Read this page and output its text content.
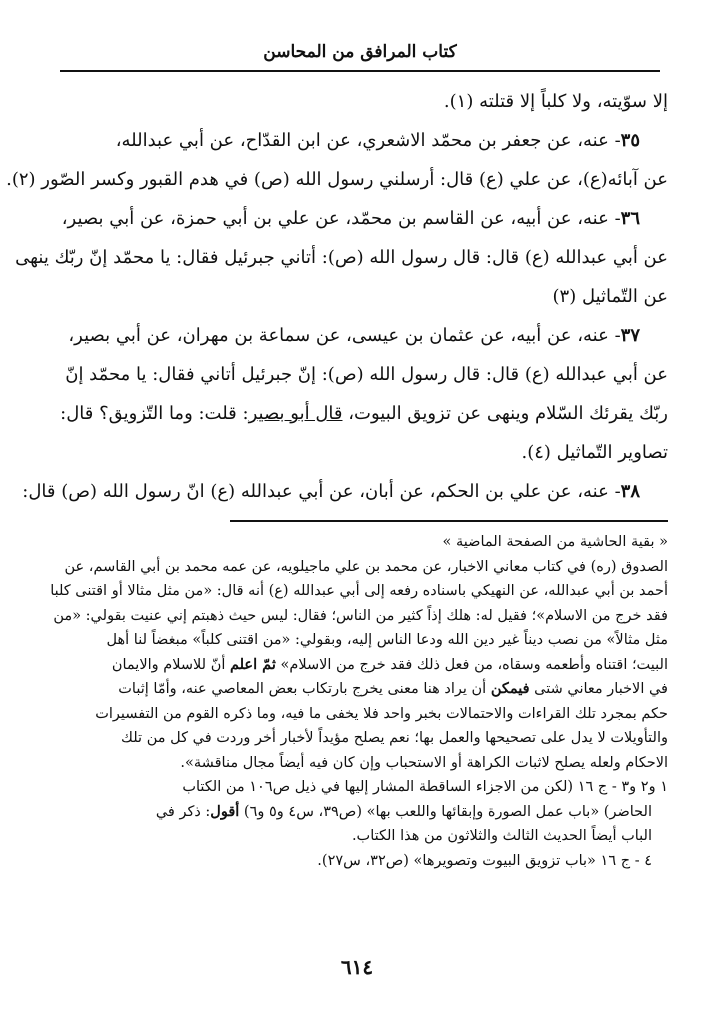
كتاب المرافق من المحاسن
إلا سوّيته، ولا كلباً إلا قتلته (١).
٣٥- عنه، عن جعفر بن محمّد الاشعري، عن ابن القدّاح، عن أبي عبدالله،
عن آبائه(ع)، عن علي (ع) قال: أرسلني رسول الله (ص) في هدم القبور وكسر الصّور (٢).
٣٦- عنه، عن أبيه، عن القاسم بن محمّد، عن علي بن أبي حمزة، عن أبي بصير،
عن أبي عبدالله (ع) قال: قال رسول الله (ص): أتاني جبرئيل فقال: يا محمّد إنّ ربّك ينهى
عن التّماثيل (٣)
٣٧- عنه، عن أبيه، عن عثمان بن عيسى، عن سماعة بن مهران، عن أبي بصير،
عن أبي عبدالله (ع) قال: قال رسول الله (ص): إنّ جبرئيل أتاني فقال: يا محمّد إنّ
ربّك يقرئك السّلام وينهى عن تزويق البيوت، قال أبو بصير: قلت: وما التّزويق؟ قال:
تصاوير التّماثيل (٤).
٣٨- عنه، عن علي بن الحكم، عن أبان، عن أبي عبدالله (ع) انّ رسول الله (ص) قال:
« بقية الحاشية من الصفحة الماضية »
الصدوق (ره) في كتاب معاني الاخبار، عن محمد بن علي ماجيلويه، عن عمه محمد بن أبي القاسم، عن
أحمد بن أبي عبدالله، عن النهيكي باسناده رفعه إلى أبي عبدالله (ع) أنه قال: «من مثل مثالا أو اقتنى كلبا
فقد خرج من الاسلام»؛ فقيل له: هلك إذاً كثير من الناس؛ فقال: ليس حيث ذهبتم إني عنيت بقولي: «من
مثل مثالاً» من نصب ديناً غير دين الله ودعا الناس إليه، وبقولي: «من اقتنى كلباً» مبغضاً لنا أهل
البيت؛ اقتناه وأطعمه وسقاه، من فعل ذلك فقد خرج من الاسلام» ثمّ اعلم أنّ للاسلام والايمان
في الاخبار معاني شتى فيمكن أن يراد هنا معنى يخرج بارتكاب بعض المعاصي عنه، وأمّا إثبات
حكم بمجرد تلك القراءات والاحتمالات بخبر واحد فلا يخفى ما فيه، وما ذكره القوم من التفسيرات
والتأويلات لا يدل على تصحيحها والعمل بها؛ نعم يصلح مؤيداً لأخبار أخر وردت في كل من تلك
الاحكام ولعله يصلح لاثبات الكراهة أو الاستحباب وإن كان فيه أيضاً مجال مناقشة».
١ و٢ و٣ - ج ١٦ (لكن من الاجزاء الساقطة المشار إليها في ذيل ص١٠٦ من الكتاب
الحاضر) «باب عمل الصورة وإبقائها واللعب بها» (ص٣٩، س٤ و٥ و٦) أقول: ذكر في
الباب أيضاً الحديث الثالث والثلاثون من هذا الكتاب.
٤ - ج ١٦ «باب تزويق البيوت وتصويرها» (ص٣٢، س٢٧).
٦١٤
